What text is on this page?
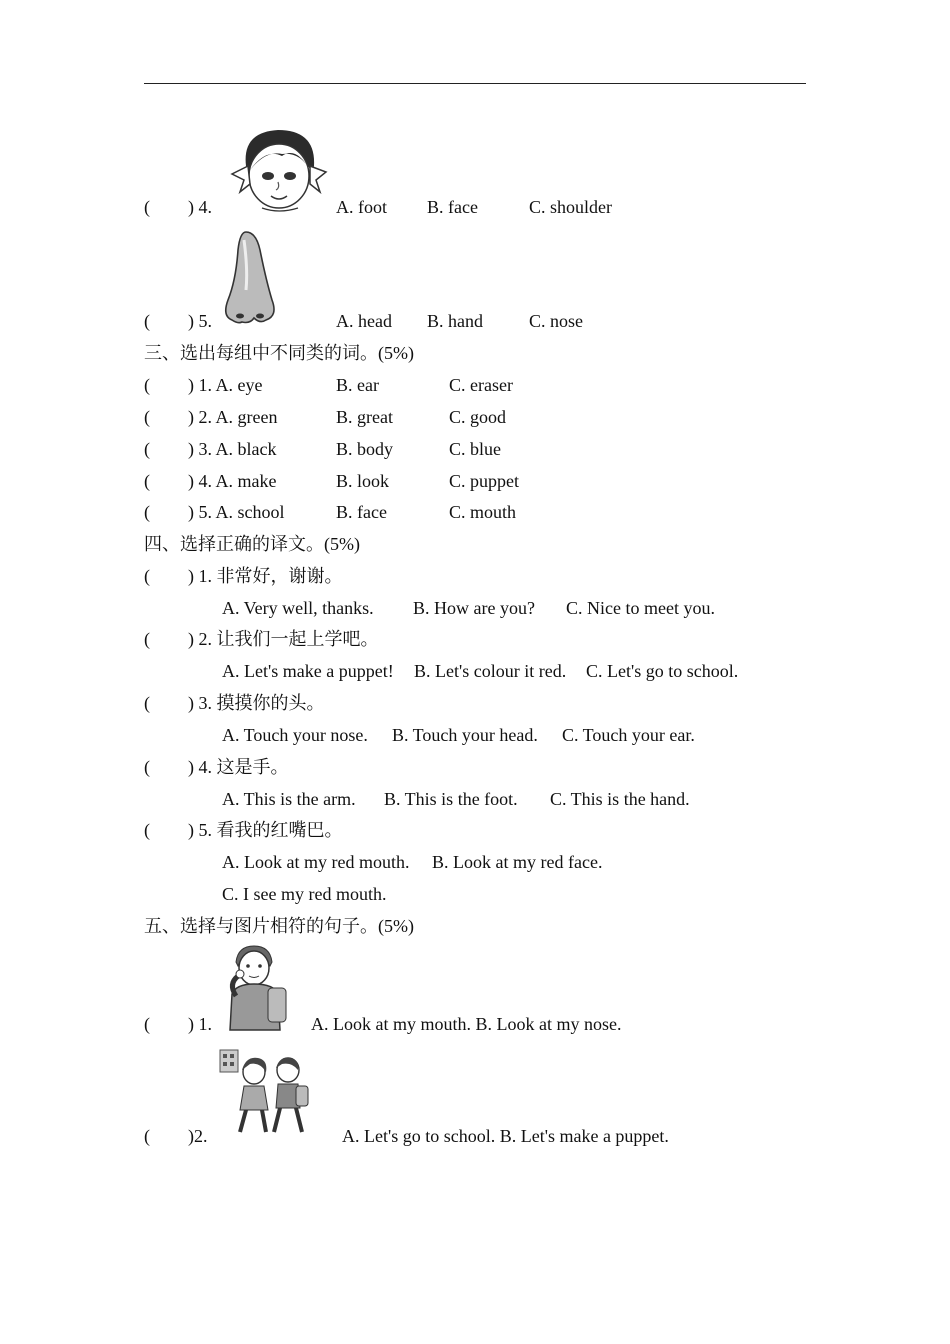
( ) 4.	A. foot B. face	C. shoulder
( ) 5.	A. head B. hand	C. nose
三、选出每组中不同类的词。(5%)
( ) 1. A. eye	B. ear	C. eraser
( ) 2. A. green	B. great	C. good
( ) 3. A. black	B. body	C. blue
( ) 4. A. make	B. look	C. puppet
( ) 5. A. school	B. face	C. mouth
四、选择正确的译文。(5%)
( ) 1. 非常好，谢谢。
A. Very well, thanks. B. How are you? C. Nice to meet you.
( ) 2. 让我们一起上学吧。
A. Let's make a puppet! B. Let's colour it red. C. Let's go to school.
( ) 3. 摸摸你的头。
A. Touch your nose. B. Touch your head. C. Touch your ear.
( ) 4. 这是手。
A. This is the arm. B. This is the foot. C. This is the hand.
( ) 5. 看我的红嘴巴。
A. Look at my red mouth. B. Look at my red face.
C. I see my red mouth.
五、选择与图片相符的句子。(5%)
( ) 1.	A. Look at my mouth. B. Look at my nose.
( )2.	A. Let's go to school. B. Let's make a puppet.
